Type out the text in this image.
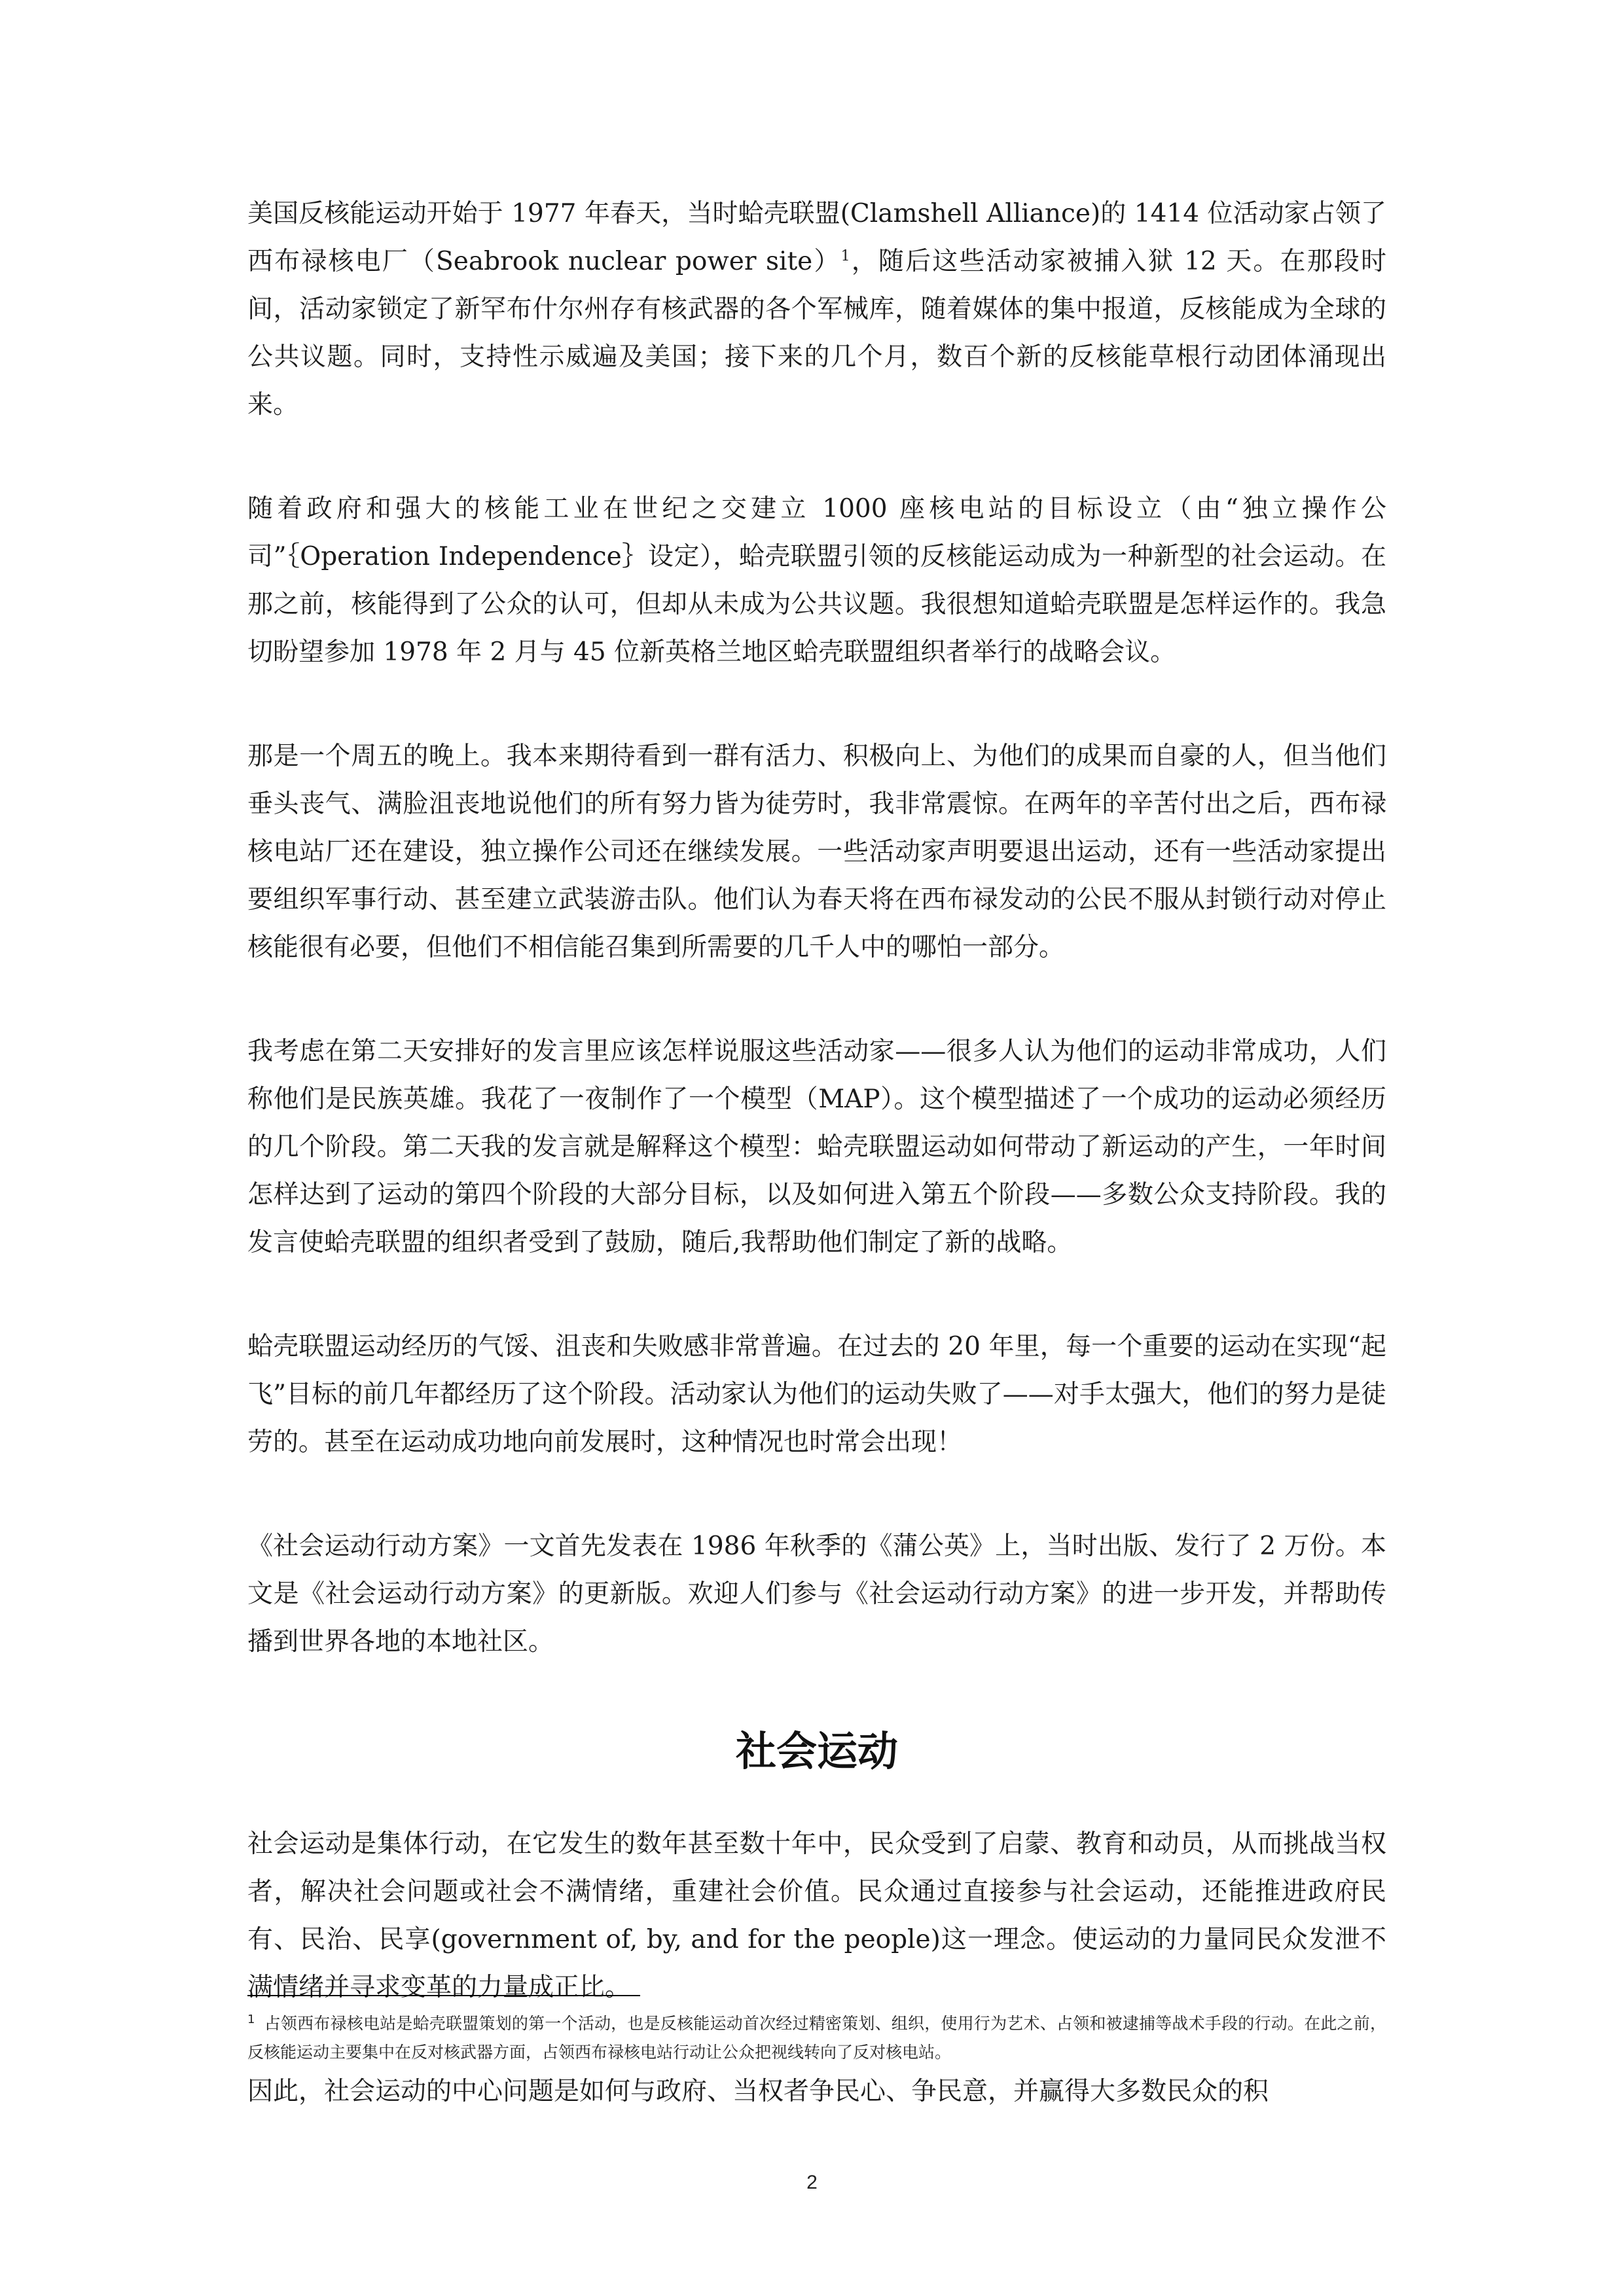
美国反核能运动开始于 1977 年春天，当时蛤壳联盟(Clamshell Alliance)的 1414 位活动家占领了西布禄核电厂（Seabrook nuclear power site）$^1$，随后这些活动家被捕入狱 12 天。在那段时间，活动家锁定了新罕布什尔州存有核武器的各个军械库，随着媒体的集中报道，反核能成为全球的公共议题。同时，支持性示威遍及美国；接下来的几个月，数百个新的反核能草根行动团体涌现出来。

随着政府和强大的核能工业在世纪之交建立 1000 座核电站的目标设立（由“独立操作公司”｛Operation Independence｝设定），蛤壳联盟引领的反核能运动成为一种新型的社会运动。在那之前，核能得到了公众的认可，但却从未成为公共议题。我很想知道蛤壳联盟是怎样运作的。我急切盼望参加 1978 年 2 月与 45 位新英格兰地区蛤壳联盟组织者举行的战略会议。

那是一个周五的晚上。我本来期待看到一群有活力、积极向上、为他们的成果而自豪的人，但当他们垂头丧气、满脸沮丧地说他们的所有努力皆为徒劳时，我非常震惊。在两年的辛苦付出之后，西布禄核电站厂还在建设，独立操作公司还在继续发展。一些活动家声明要退出运动，还有一些活动家提出要组织军事行动、甚至建立武装游击队。他们认为春天将在西布禄发动的公民不服从封锁行动对停止核能很有必要，但他们不相信能召集到所需要的几千人中的哪怕一部分。

我考虑在第二天安排好的发言里应该怎样说服这些活动家——很多人认为他们的运动非常成功，人们称他们是民族英雄。我花了一夜制作了一个模型（MAP）。这个模型描述了一个成功的运动必须经历的几个阶段。第二天我的发言就是解释这个模型：蛤壳联盟运动如何带动了新运动的产生，一年时间怎样达到了运动的第四个阶段的大部分目标，以及如何进入第五个阶段——多数公众支持阶段。我的发言使蛤壳联盟的组织者受到了鼓励，随后,我帮助他们制定了新的战略。

蛤壳联盟运动经历的气馁、沮丧和失败感非常普遍。在过去的 20 年里，每一个重要的运动在实现“起飞”目标的前几年都经历了这个阶段。活动家认为他们的运动失败了——对手太强大，他们的努力是徒劳的。甚至在运动成功地向前发展时，这种情况也时常会出现！

《社会运动行动方案》一文首先发表在 1986 年秋季的《蒲公英》上，当时出版、发行了 2 万份。本文是《社会运动行动方案》的更新版。欢迎人们参与《社会运动行动方案》的进一步开发，并帮助传播到世界各地的本地社区。

社会运动

社会运动是集体行动，在它发生的数年甚至数十年中，民众受到了启蒙、教育和动员，从而挑战当权者，解决社会问题或社会不满情绪，重建社会价值。民众通过直接参与社会运动，还能推进政府民有、民治、民享(government of, by, and for the people)这一理念。使运动的力量同民众发泄不满情绪并寻求变革的力量成正比。

因此，社会运动的中心问题是如何与政府、当权者争民心、争民意，并赢得大多数民众的积

$^1$ 占领西布禄核电站是蛤壳联盟策划的第一个活动，也是反核能运动首次经过精密策划、组织，使用行为艺术、占领和被逮捕等战术手段的行动。在此之前，反核能运动主要集中在反对核武器方面，占领西布禄核电站行动让公众把视线转向了反对核电站。
2
